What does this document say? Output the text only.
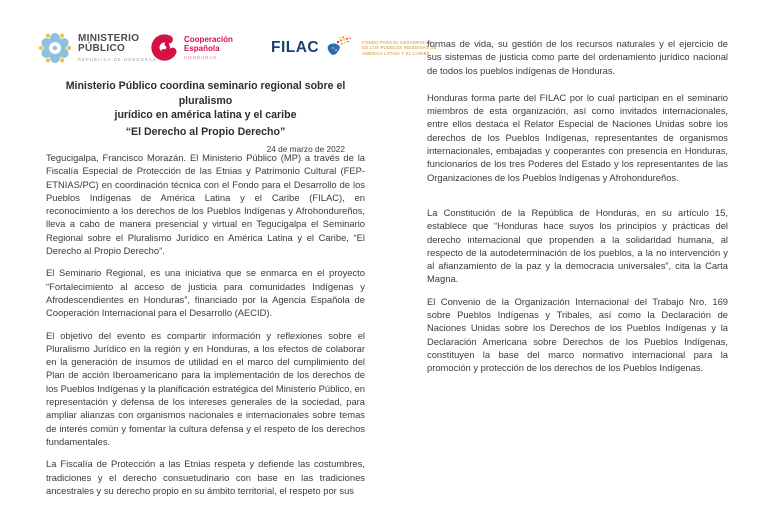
MINISTERIO
PÚBLICO
REPÚBLICA DE HONDURAS
Cooperación
Española
HONDURAS
FILAC	FONDO PARA EL DESARROLLO
DE LOS PUEBLOS INDÍGENAS DE
AMÉRICA LATINA Y EL CARIBE
Ministerio Público coordina seminario regional sobre el pluralismo
jurídico en américa latina y el caribe
“El Derecho al Propio Derecho”
24 de marzo de 2022

Tegucigalpa, Francisco Morazán. El Ministerio Público (MP) a través de la Fiscalía Especial de Protección de las Etnias y Patrimonio Cultural (FEP-ETNIAS/PC) en coordinación técnica con el Fondo para el Desarrollo de los Pueblos Indígenas de América Latina y el Caribe (FILAC), en reconocimiento a los derechos de los Pueblos Indígenas y Afrohondureños, lleva a cabo de manera presencial y virtual en Tegucigalpa el Seminario Regional sobre el Pluralismo Jurídico en América Latina y el Caribe, “El Derecho al Propio Derecho”.

El Seminario Regional, es una iniciativa que se enmarca en el proyecto “Fortalecimiento al acceso de justicia para comunidades Indígenas y Afrodescendientes en Honduras”, financiado por la Agencia Española de Cooperación Internacional para el Desarrollo (AECID).

El objetivo del evento es compartir información y reflexiones sobre el Pluralismo Jurídico en la región y en Honduras, a los efectos de colaborar en la generación de insumos de utilidad en el marco del cumplimiento del Plan de acción Iberoamericano para la implementación de los derechos de los Pueblos Indígenas y la planificación estratégica del Ministerio Público, en representación y defensa de los intereses generales de la sociedad, para ampliar alianzas con organismos nacionales e internacionales sobre temas de interés común y fomentar la cultura defensa y el respeto de los derechos fundamentales.

La Fiscalía de Protección a las Etnias respeta y defiende las costumbres, tradiciones y el derecho consuetudinario con base en las tradiciones ancestrales y su derecho propio en su ámbito territorial, el respeto por sus

formas de vida, su gestión de los recursos naturales y el ejercicio de sus sistemas de justicia como parte del ordenamiento jurídico nacional de todos los pueblos indígenas de Honduras.

Honduras forma parte del FILAC por lo cual participan en el seminario miembros de esta organización, así como invitados internacionales, entre ellos destaca el Relator Especial de Naciones Unidas sobre los derechos de los Pueblos Indígenas, representantes de organismos internacionales, embajadas y cooperantes con presencia en Honduras, funcionarios de los tres Poderes del Estado y los representantes de las Organizaciones de los Pueblos Indígenas y Afrohondureños.

La Constitución de la República de Honduras, en su artículo 15, establece que “Honduras hace suyos los principios y prácticas del derecho internacional que propenden a la solidaridad humana, al respecto de la autodeterminación de los pueblos, a la no intervención y al afianzamiento de la paz y la democracia universales”, cita la Carta Magna.

El Convenio de la Organización Internacional del Trabajo Nro. 169 sobre Pueblos Indígenas y Tribales, así como la Declaración de Naciones Unidas sobre los Derechos de los Pueblos Indígenas y la Declaración Americana sobre Derechos de los Pueblos Indígenas, constituyen la base del marco normativo internacional para la promoción y protección de los derechos de los Pueblos Indígenas.
